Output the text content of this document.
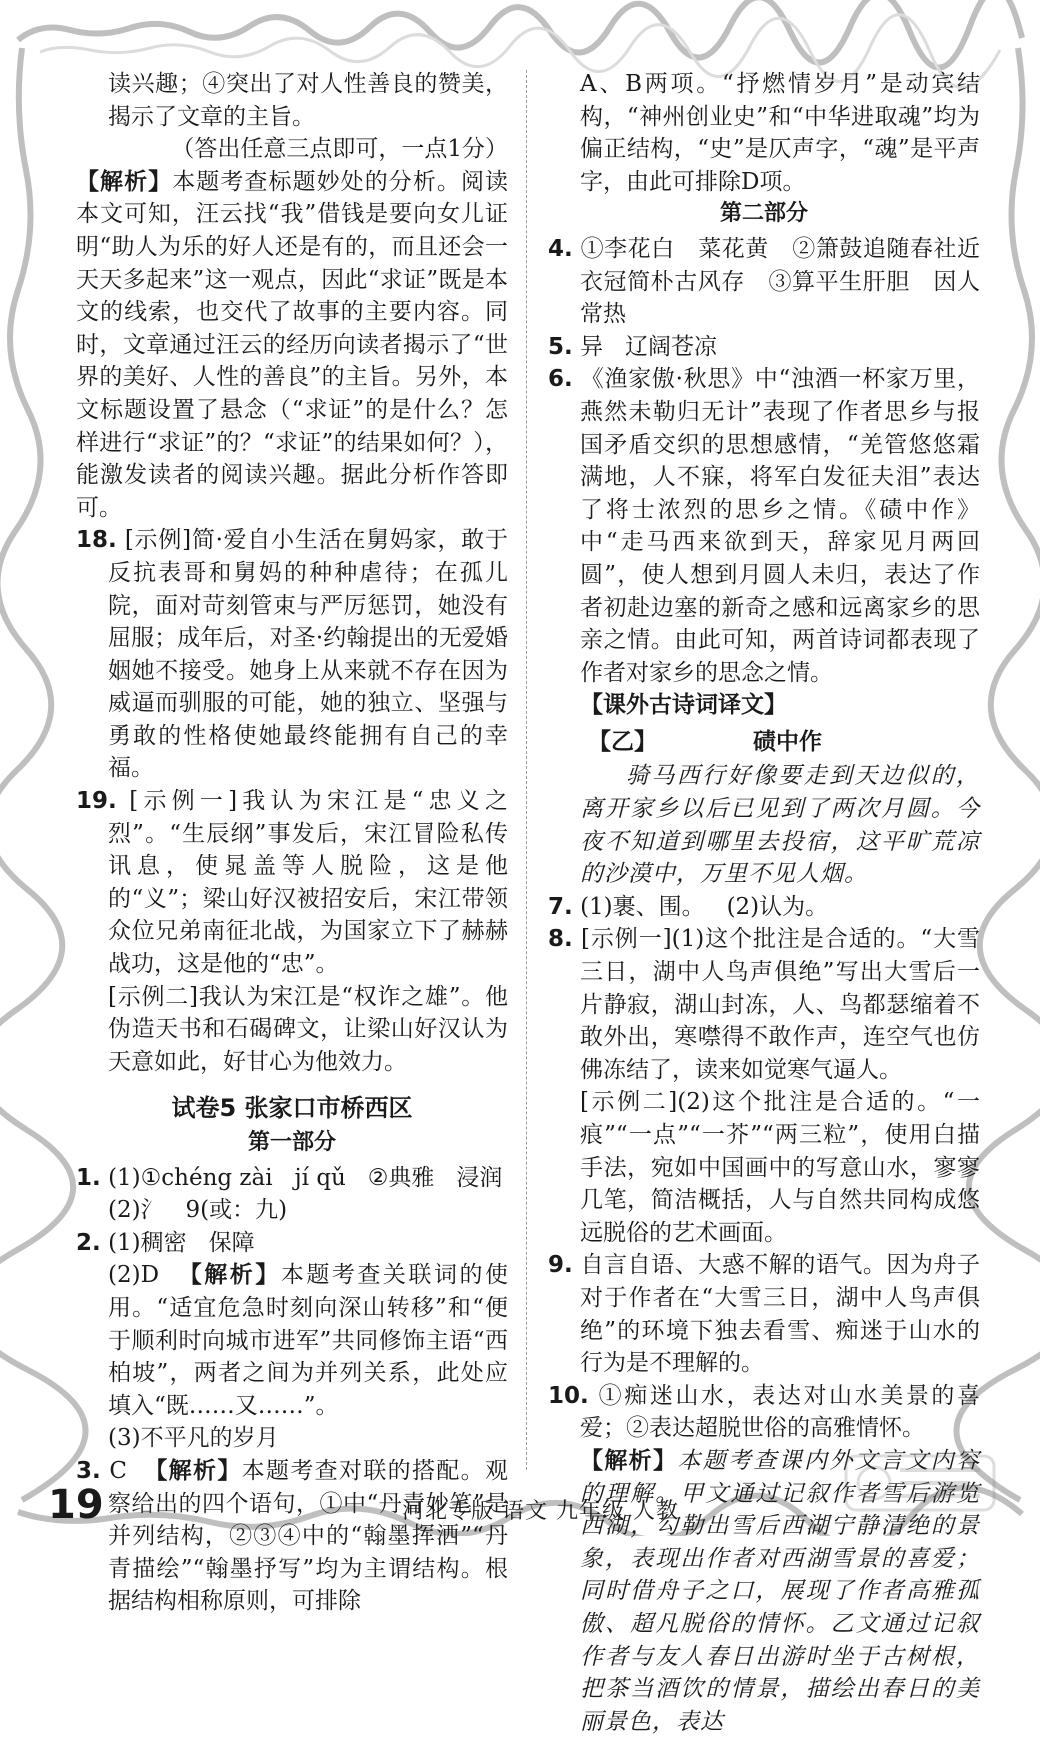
读兴趣；④突出了对人性善良的赞美，揭示了文章的主旨。

（答出任意三点即可，一点1分）

【解析】本题考查标题妙处的分析。阅读本文可知，汪云找“我”借钱是要向女儿证明“助人为乐的好人还是有的，而且还会一天天多起来”这一观点，因此“求证”既是本文的线索，也交代了故事的主要内容。同时，文章通过汪云的经历向读者揭示了“世界的美好、人性的善良”的主旨。另外，本文标题设置了悬念（“求证”的是什么？怎样进行“求证”的？“求证”的结果如何？），能激发读者的阅读兴趣。据此分析作答即可。

18. [示例]简·爱自小生活在舅妈家，敢于反抗表哥和舅妈的种种虐待；在孤儿院，面对苛刻管束与严厉惩罚，她没有屈服；成年后，对圣·约翰提出的无爱婚姻她不接受。她身上从来就不存在因为威逼而驯服的可能，她的独立、坚强与勇敢的性格使她最终能拥有自己的幸福。

19. [示例一]我认为宋江是“忠义之烈”。“生辰纲”事发后，宋江冒险私传讯息，使晁盖等人脱险，这是他的“义”；梁山好汉被招安后，宋江带领众位兄弟南征北战，为国家立下了赫赫战功，这是他的“忠”。

[示例二]我认为宋江是“权诈之雄”。他伪造天书和石碣碑文，让梁山好汉认为天意如此，好甘心为他效力。

试卷5 张家口市桥西区
第一部分

1. (1)①chéng zài   jí qǔ   ②典雅   浸润

(2)氵   9(或：九)

2. (1)稠密   保障

(2)D  【解析】本题考查关联词的使用。“适宜危急时刻向深山转移”和“便于顺利时向城市进军”共同修饰主语“西柏坡”，两者之间为并列关系，此处应填入“既……又……”。

(3)不平凡的岁月

3. C  【解析】本题考查对联的搭配。观察给出的四个语句，①中“丹青妙笔”是并列结构，②③④中的“翰墨挥洒”“丹青描绘”“翰墨抒写”均为主谓结构。根据结构相称原则，可排除

A、B两项。“抒燃情岁月”是动宾结构，“神州创业史”和“中华进取魂”均为偏正结构，“史”是仄声字，“魂”是平声字，由此可排除D项。

第二部分

4. ①李花白   菜花黄   ②箫鼓追随春社近   衣冠简朴古风存   ③算平生肝胆   因人常热

5. 异   辽阔苍凉

6. 《渔家傲·秋思》中“浊酒一杯家万里，燕然未勒归无计”表现了作者思乡与报国矛盾交织的思想感情，“羌管悠悠霜满地，人不寐，将军白发征夫泪”表达了将士浓烈的思乡之情。《碛中作》中“走马西来欲到天，辞家见月两回圆”，使人想到月圆人未归，表达了作者初赴边塞的新奇之感和远离家乡的思亲之情。由此可知，两首诗词都表现了作者对家乡的思念之情。

【课外古诗词译文】

【乙】	碛中作

骑马西行好像要走到天边似的，离开家乡以后已见到了两次月圆。今夜不知道到哪里去投宿，这平旷荒凉的沙漠中，万里不见人烟。

7. (1)裹、围。   (2)认为。

8. [示例一](1)这个批注是合适的。“大雪三日，湖中人鸟声俱绝”写出大雪后一片静寂，湖山封冻，人、鸟都瑟缩着不敢外出，寒噤得不敢作声，连空气也仿佛冻结了，读来如觉寒气逼人。

[示例二](2)这个批注是合适的。“一痕”“一点”“一芥”“两三粒”，使用白描手法，宛如中国画中的写意山水，寥寥几笔，简洁概括，人与自然共同构成悠远脱俗的艺术画面。

9. 自言自语、大惑不解的语气。因为舟子对于作者在“大雪三日，湖中人鸟声俱绝”的环境下独去看雪、痴迷于山水的行为是不理解的。

10. ①痴迷山水，表达对山水美景的喜爱；②表达超脱世俗的高雅情怀。

【解析】本题考查课内外文言文内容的理解。甲文通过记叙作者雪后游览西湖，勾勒出雪后西湖宁静清绝的景象，表现出作者对西湖雪景的喜爱；同时借舟子之口，展现了作者高雅孤傲、超凡脱俗的情怀。乙文通过记叙作者与友人春日出游时坐于古树根，把茶当酒饮的情景，描绘出春日的美丽景色，表达

19	河北专版 语文 九年级 人教
